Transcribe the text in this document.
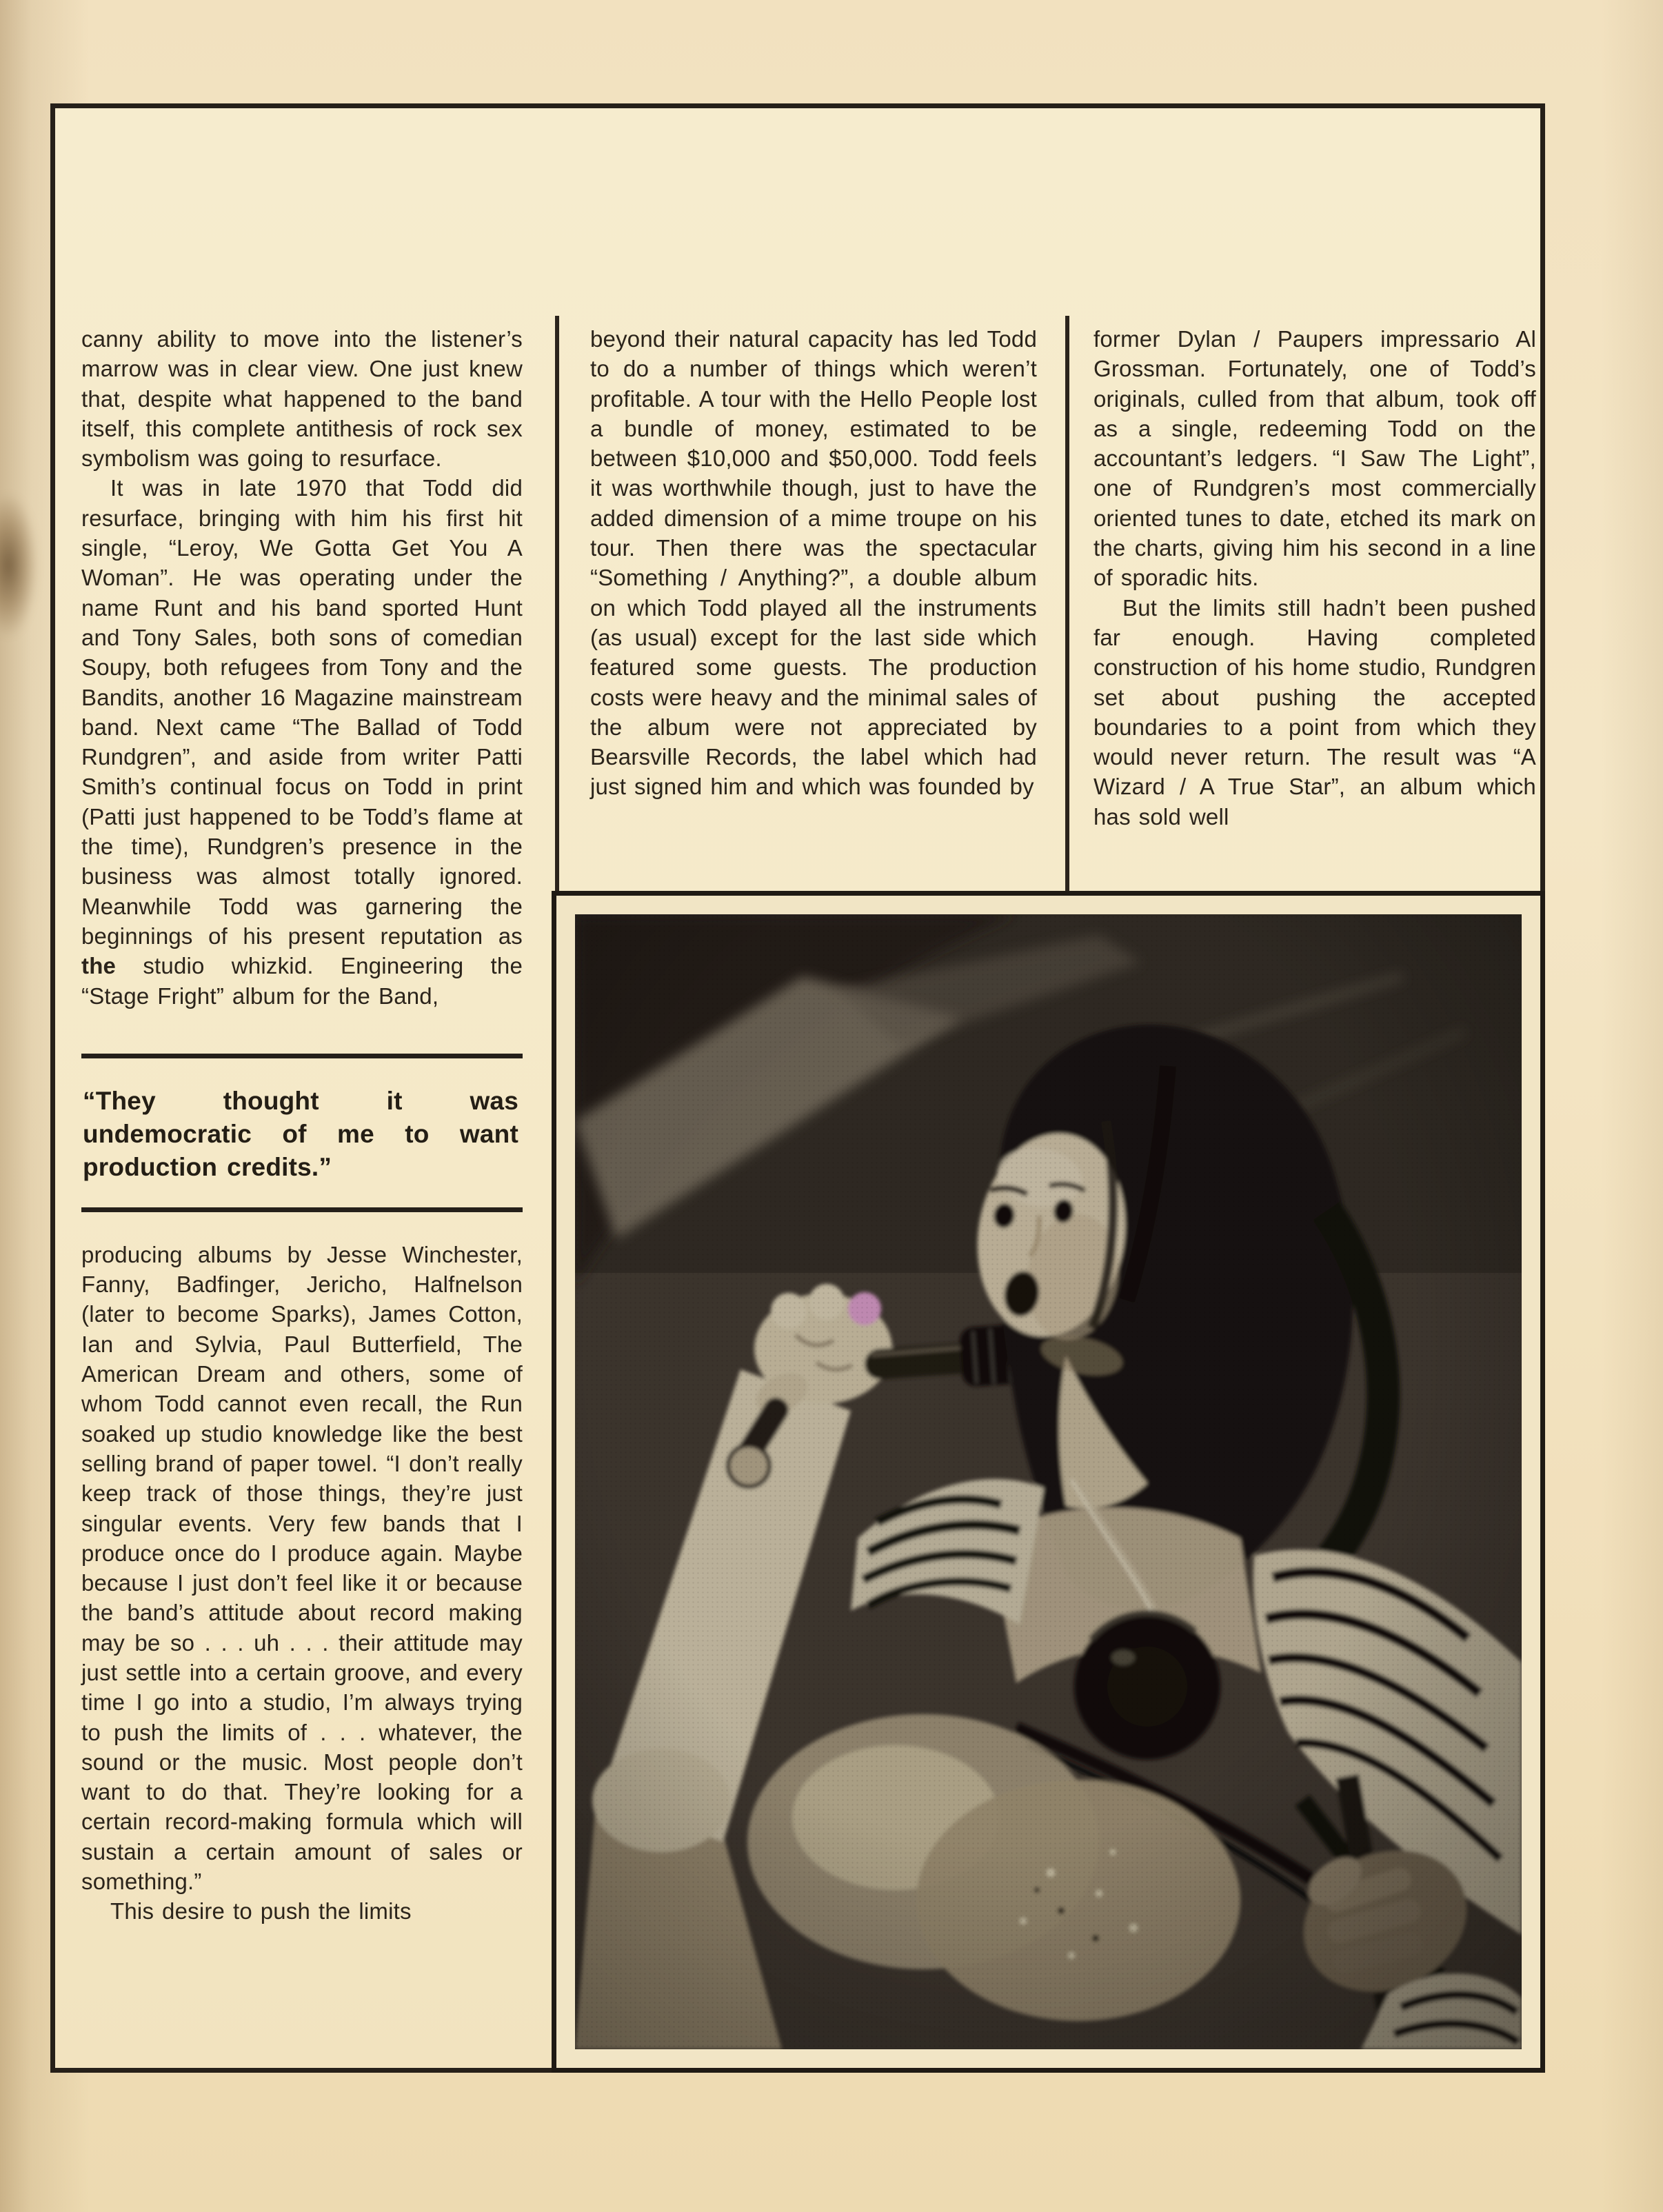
canny ability to move into the listener’s marrow was in clear view. One just knew that, despite what happened to the band itself, this complete antithesis of rock sex symbolism was going to resurface.

It was in late 1970 that Todd did resurface, bringing with him his first hit single, “Leroy, We Gotta Get You A Woman”. He was operating under the name Runt and his band sported Hunt and Tony Sales, both sons of comedian Soupy, both refugees from Tony and the Bandits, another 16 Magazine mainstream band. Next came “The Ballad of Todd Rundgren”, and aside from writer Patti Smith’s continual focus on Todd in print (Patti just happened to be Todd’s flame at the time), Rundgren’s presence in the business was almost totally ignored. Meanwhile Todd was garnering the beginnings of his present reputation as the studio whizkid. Engineering the “Stage Fright” album for the Band,

“They thought it was undemocratic of me to want production credits.”

producing albums by Jesse Winchester, Fanny, Badfinger, Jericho, Halfnelson (later to become Sparks), James Cotton, Ian and Sylvia, Paul Butterfield, The American Dream and others, some of whom Todd cannot even recall, the Run soaked up studio knowledge like the best selling brand of paper towel. “I don’t really keep track of those things, they’re just singular events. Very few bands that I produce once do I produce again. Maybe because I just don’t feel like it or because the band’s attitude about record making may be so . . . uh . . . their attitude may just settle into a certain groove, and every time I go into a studio, I’m always trying to push the limits of . . . whatever, the sound or the music. Most people don’t want to do that. They’re looking for a certain record-making formula which will sustain a certain amount of sales or something.”

This desire to push the limits

beyond their natural capacity has led Todd to do a number of things which weren’t profitable. A tour with the Hello People lost a bundle of money, estimated to be between $10,000 and $50,000. Todd feels it was worthwhile though, just to have the added dimension of a mime troupe on his tour. Then there was the spectacular “Something / Anything?”, a double album on which Todd played all the instruments (as usual) except for the last side which featured some guests. The production costs were heavy and the minimal sales of the album were not appreciated by Bearsville Records, the label which had just signed him and which was founded by

former Dylan / Paupers impressario Al Grossman. Fortunately, one of Todd’s originals, culled from that album, took off as a single, redeeming Todd on the accountant’s ledgers. “I Saw The Light”, one of Rundgren’s most commercially oriented tunes to date, etched its mark on the charts, giving him his second in a line of sporadic hits.

But the limits still hadn’t been pushed far enough. Having completed construction of his home studio, Rundgren set about pushing the accepted boundaries to a point from which they would never return. The result was “A Wizard / A True Star”, an album which has sold well
